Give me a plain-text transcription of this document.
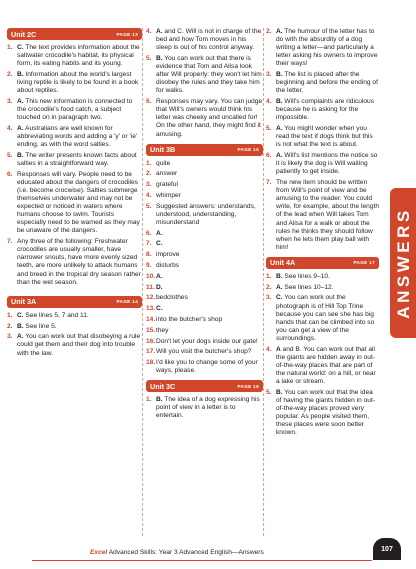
Unit 2C	PAGE 13
1. C. The text provides information about the saltwater crocodile's habitat, its physical form, its eating habits and its young.
2. B. Information about the world's largest living reptile is likely to be found in a book about reptiles.
3. A. This new information is connected to the crocodile's food catch, a subject touched on in paragraph two.
4. A. Australians are well known for abbreviating words and adding a 'y' or 'ie' ending, as with the word salties.
5. B. The writer presents known facts about salties in a straightforward way.
6. Responses will vary. People need to be educated about the dangers of crocodiles (i.e. become crocwise). Salties submerge themselves underwater and may not be expected or noticed in waters where humans choose to swim. Tourists especially need to be warned as they may be unaware of the dangers.
7. Any three of the following: Freshwater crocodiles are usually smaller, have narrower snouts, have more evenly sized teeth, are more unlikely to attack humans and breed in the tropical dry season rather than the wet season.
Unit 3A	PAGE 14
1. C. See lines 5, 7 and 11.
2. B. See line 5.
3. A. You can work out that disobeying a rule could get them and their dog into trouble with the law.
4. A. and C. Will is not in charge of the bed and how Tom moves in his sleep is out of his control anyway.
5. B. You can work out that there is evidence that Tom and Alisa look after Will properly: they won't let him disobey the rules and they take him for walks.
6. Responses may vary. You can judge that Will's owners would think his letter was cheeky and uncalled for! On the other hand, they might find it amusing.
Unit 3B	PAGE 15
1. quite
2. answer
3. grateful
4. whimper
5. Suggested answers: understands, understood, understanding, misunderstand
6. A.
7. C.
8. improve
9. disturbs
10. A.
11. D.
12. bedclothes
13. C.
14. into the butcher's shop
15. they
16. Don't let your dogs inside our gate!
17. Will you visit the butcher's shop?
18. I'd like you to change some of your ways, please.
Unit 3C	PAGE 16
1. B. The idea of a dog expressing his point of view in a letter is to entertain.
2. A. The humour of the letter has to do with the absurdity of a dog writing a letter—and particularly a letter asking his owners to improve their ways!
3. B. The list is placed after the beginning and before the ending of the letter.
4. B. Will's complaints are ridiculous because he is asking for the impossible.
5. A. You might wonder when you read the text if dogs think but this is not what the text is about.
6. A. Will's list mentions the notice so it is likely the dog is Will waiting patiently to get inside.
7. The new item should be written from Will's point of view and be amusing to the reader. You could write, for example, about the length of the lead when Will takes Tom and Alisa for a walk or about the rules he thinks they should follow when he lets them play ball with him!
Unit 4A	PAGE 17
1. B. See lines 9–10.
2. A. See lines 10–12.
3. C. You can work out the photograph is of Hill Top Trine because you can see she has big hands that can be climbed into so you can get a view of the surroundings.
4. A and B. You can work out that all the giants are hidden away in out-of-the-way places that are part of the natural world: on a hill, or near a lake or stream.
5. B. You can work out that the idea of having the giants hidden in out-of-the-way places proved very popular. As people visited them, these places were soon better known.
ANSWERS
Excel Advanced Skills: Year 3 Advanced English—Answers	107
